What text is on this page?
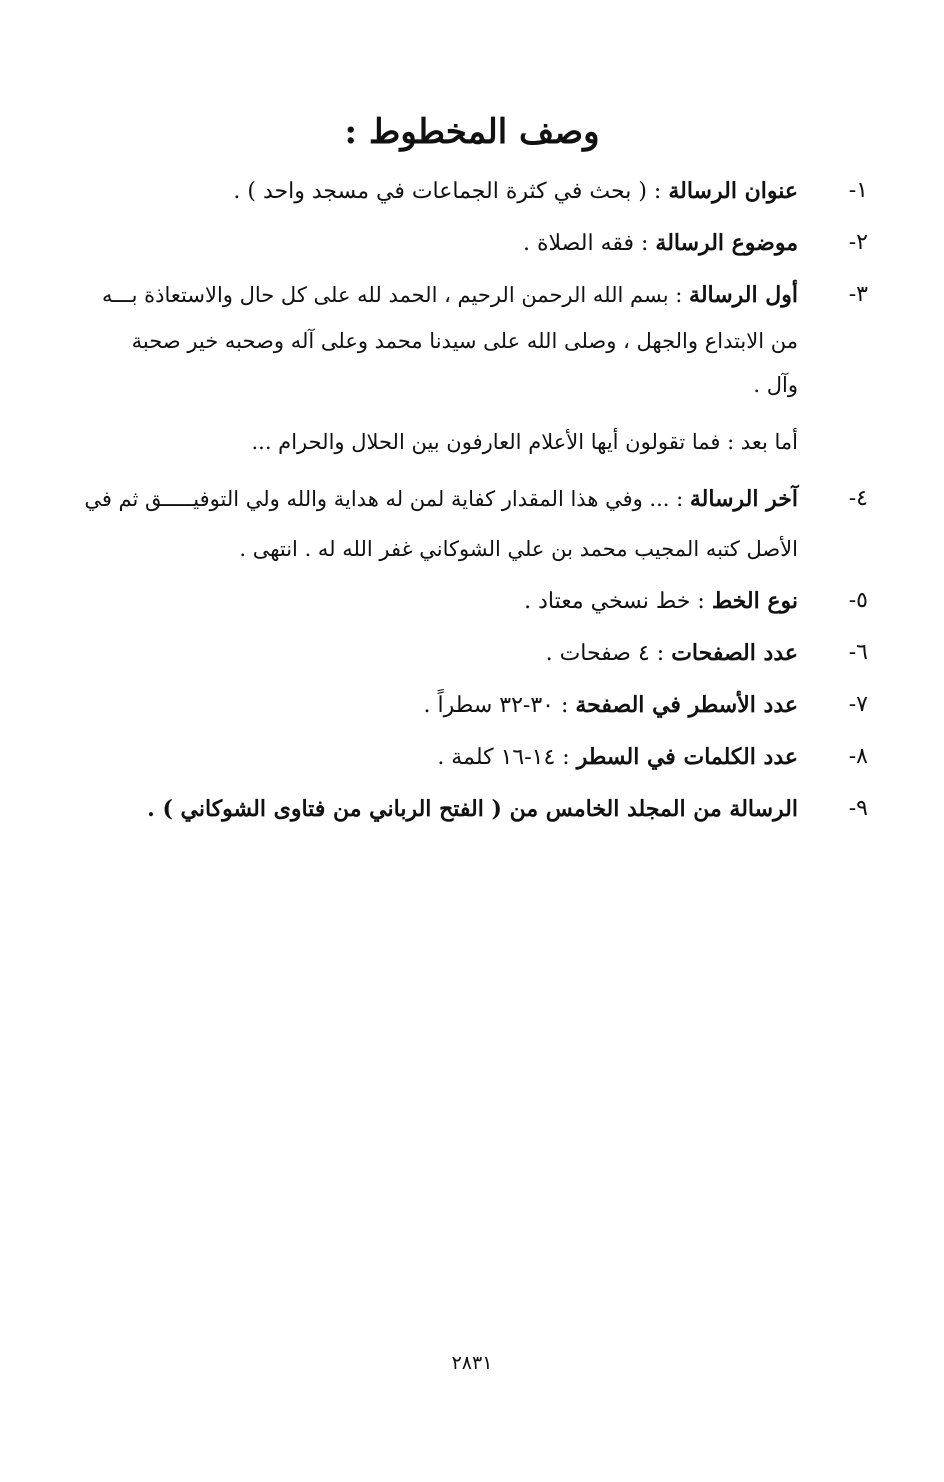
وصف المخطوط :
١-
عنوان الرسالة : ( بحث في كثرة الجماعات في مسجد واحد ) .
٢-
موضوع الرسالة : فقه الصلاة .
٣-
أول الرسالة : بسم الله الرحمن الرحيم ، الحمد لله على كل حال والاستعاذة بـــه
من الابتداع والجهل ، وصلى الله على سيدنا محمد وعلى آله وصحبه خير صحبة
وآل .
أما بعد : فما تقولون أيها الأعلام العارفون بين الحلال والحرام ...
٤-
آخر الرسالة : ... وفي هذا المقدار كفاية لمن له هداية والله ولي التوفيـــــق ثم في
الأصل كتبه المجيب محمد بن علي الشوكاني غفر الله له . انتهى .
٥-
نوع الخط : خط نسخي معتاد .
٦-
عدد الصفحات : ٤ صفحات .
٧-
عدد الأسطر في الصفحة : ٣٠-٣٢ سطراً .
٨-
عدد الكلمات في السطر : ١٤-١٦ كلمة .
٩-
الرسالة من المجلد الخامس من ( الفتح الرباني من فتاوى الشوكاني ) .
٢٨٣١
